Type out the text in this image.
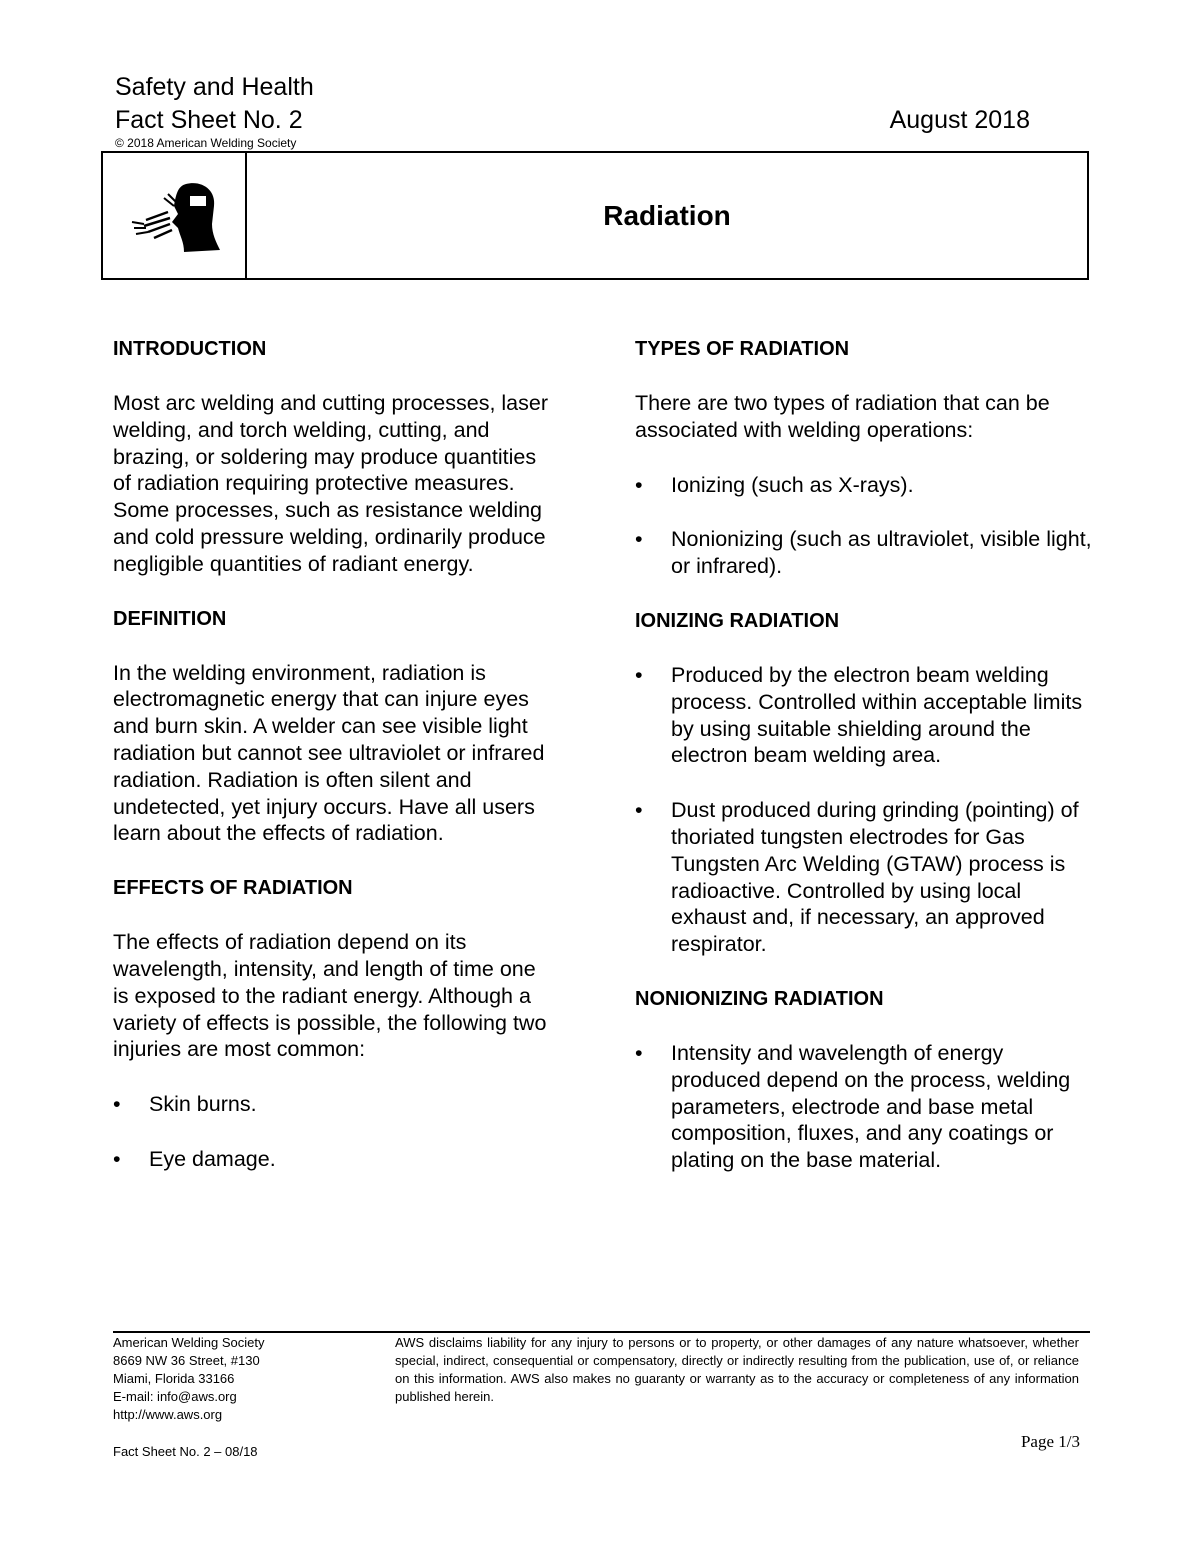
Safety and Health
Fact Sheet No. 2	August 2018
© 2018 American Welding Society
Radiation
INTRODUCTION

Most arc welding and cutting processes, laser welding, and torch welding, cutting, and brazing, or soldering may produce quantities of radiation requiring protective measures. Some processes, such as resistance welding and cold pressure welding, ordinarily produce negligible quantities of radiant energy.

DEFINITION

In the welding environment, radiation is electromagnetic energy that can injure eyes and burn skin. A welder can see visible light radiation but cannot see ultraviolet or infrared radiation. Radiation is often silent and undetected, yet injury occurs. Have all users learn about the effects of radiation.

EFFECTS OF RADIATION

The effects of radiation depend on its wavelength, intensity, and length of time one is exposed to the radiant energy. Although a variety of effects is possible, the following two injuries are most common:

• Skin burns.
• Eye damage.
TYPES OF RADIATION

There are two types of radiation that can be associated with welding operations:

• Ionizing (such as X-rays).
• Nonionizing (such as ultraviolet, visible light, or infrared).
IONIZING RADIATION
• Produced by the electron beam welding process. Controlled within acceptable limits by using suitable shielding around the electron beam welding area.
• Dust produced during grinding (pointing) of thoriated tungsten electrodes for Gas Tungsten Arc Welding (GTAW) process is radioactive. Controlled by using local exhaust and, if necessary, an approved respirator.
NONIONIZING RADIATION
• Intensity and wavelength of energy produced depend on the process, welding parameters, electrode and base metal composition, fluxes, and any coatings or plating on the base material.
American Welding Society
8669 NW 36 Street, #130
Miami, Florida 33166
E-mail: info@aws.org
http://www.aws.org
AWS disclaims liability for any injury to persons or to property, or other damages of any nature whatsoever, whether special, indirect, consequential or compensatory, directly or indirectly resulting from the publication, use of, or reliance on this information. AWS also makes no guaranty or warranty as to the accuracy or completeness of any information published herein.
Fact Sheet No. 2 – 08/18
Page 1/3
